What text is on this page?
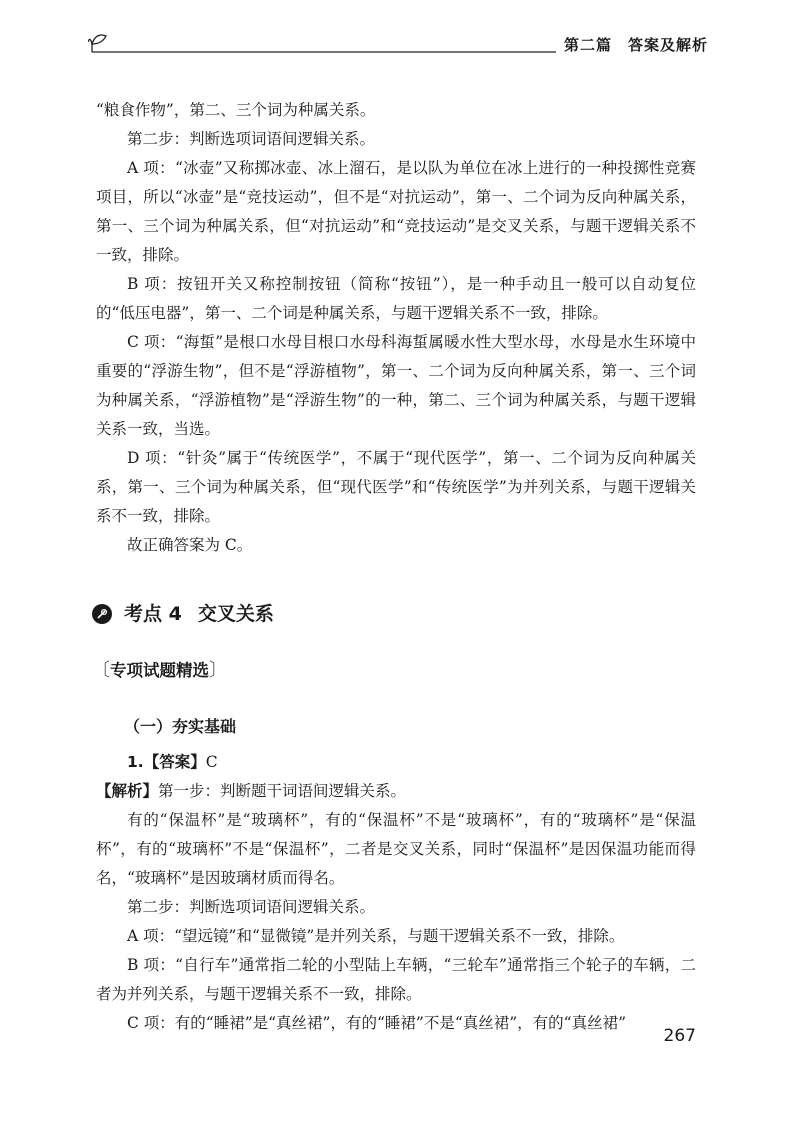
第二篇　答案及解析

“粮食作物”，第二、三个词为种属关系。

第二步：判断选项词语间逻辑关系。

A 项：“冰壶”又称掷冰壶、冰上溜石，是以队为单位在冰上进行的一种投掷性竞赛项目，所以“冰壶”是“竞技运动”，但不是“对抗运动”，第一、二个词为反向种属关系，第一、三个词为种属关系，但“对抗运动”和“竞技运动”是交叉关系，与题干逻辑关系不一致，排除。

B 项：按钮开关又称控制按钮（简称“按钮”），是一种手动且一般可以自动复位的“低压电器”，第一、二个词是种属关系，与题干逻辑关系不一致，排除。

C 项：“海蜇”是根口水母目根口水母科海蜇属暖水性大型水母，水母是水生环境中重要的“浮游生物”，但不是“浮游植物”，第一、二个词为反向种属关系，第一、三个词为种属关系，“浮游植物”是“浮游生物”的一种，第二、三个词为种属关系，与题干逻辑关系一致，当选。

D 项：“针灸”属于“传统医学”，不属于“现代医学”，第一、二个词为反向种属关系，第一、三个词为种属关系，但“现代医学”和“传统医学”为并列关系，与题干逻辑关系不一致，排除。

故正确答案为 C。

考点 4 交叉关系
〔 专项试题精选 〕
（一）夯实基础

1.【答案】C

【解析】第一步：判断题干词语间逻辑关系。

有的“保温杯”是“玻璃杯”，有的“保温杯”不是“玻璃杯”，有的“玻璃杯”是“保温杯”，有的“玻璃杯”不是“保温杯”，二者是交叉关系，同时“保温杯”是因保温功能而得名，“玻璃杯”是因玻璃材质而得名。

第二步：判断选项词语间逻辑关系。

A 项：“望远镜”和“显微镜”是并列关系，与题干逻辑关系不一致，排除。

B 项：“自行车”通常指二轮的小型陆上车辆，“三轮车”通常指三个轮子的车辆，二者为并列关系，与题干逻辑关系不一致，排除。

C 项：有的“睡裙”是“真丝裙”，有的“睡裙”不是“真丝裙”，有的“真丝裙”

267
